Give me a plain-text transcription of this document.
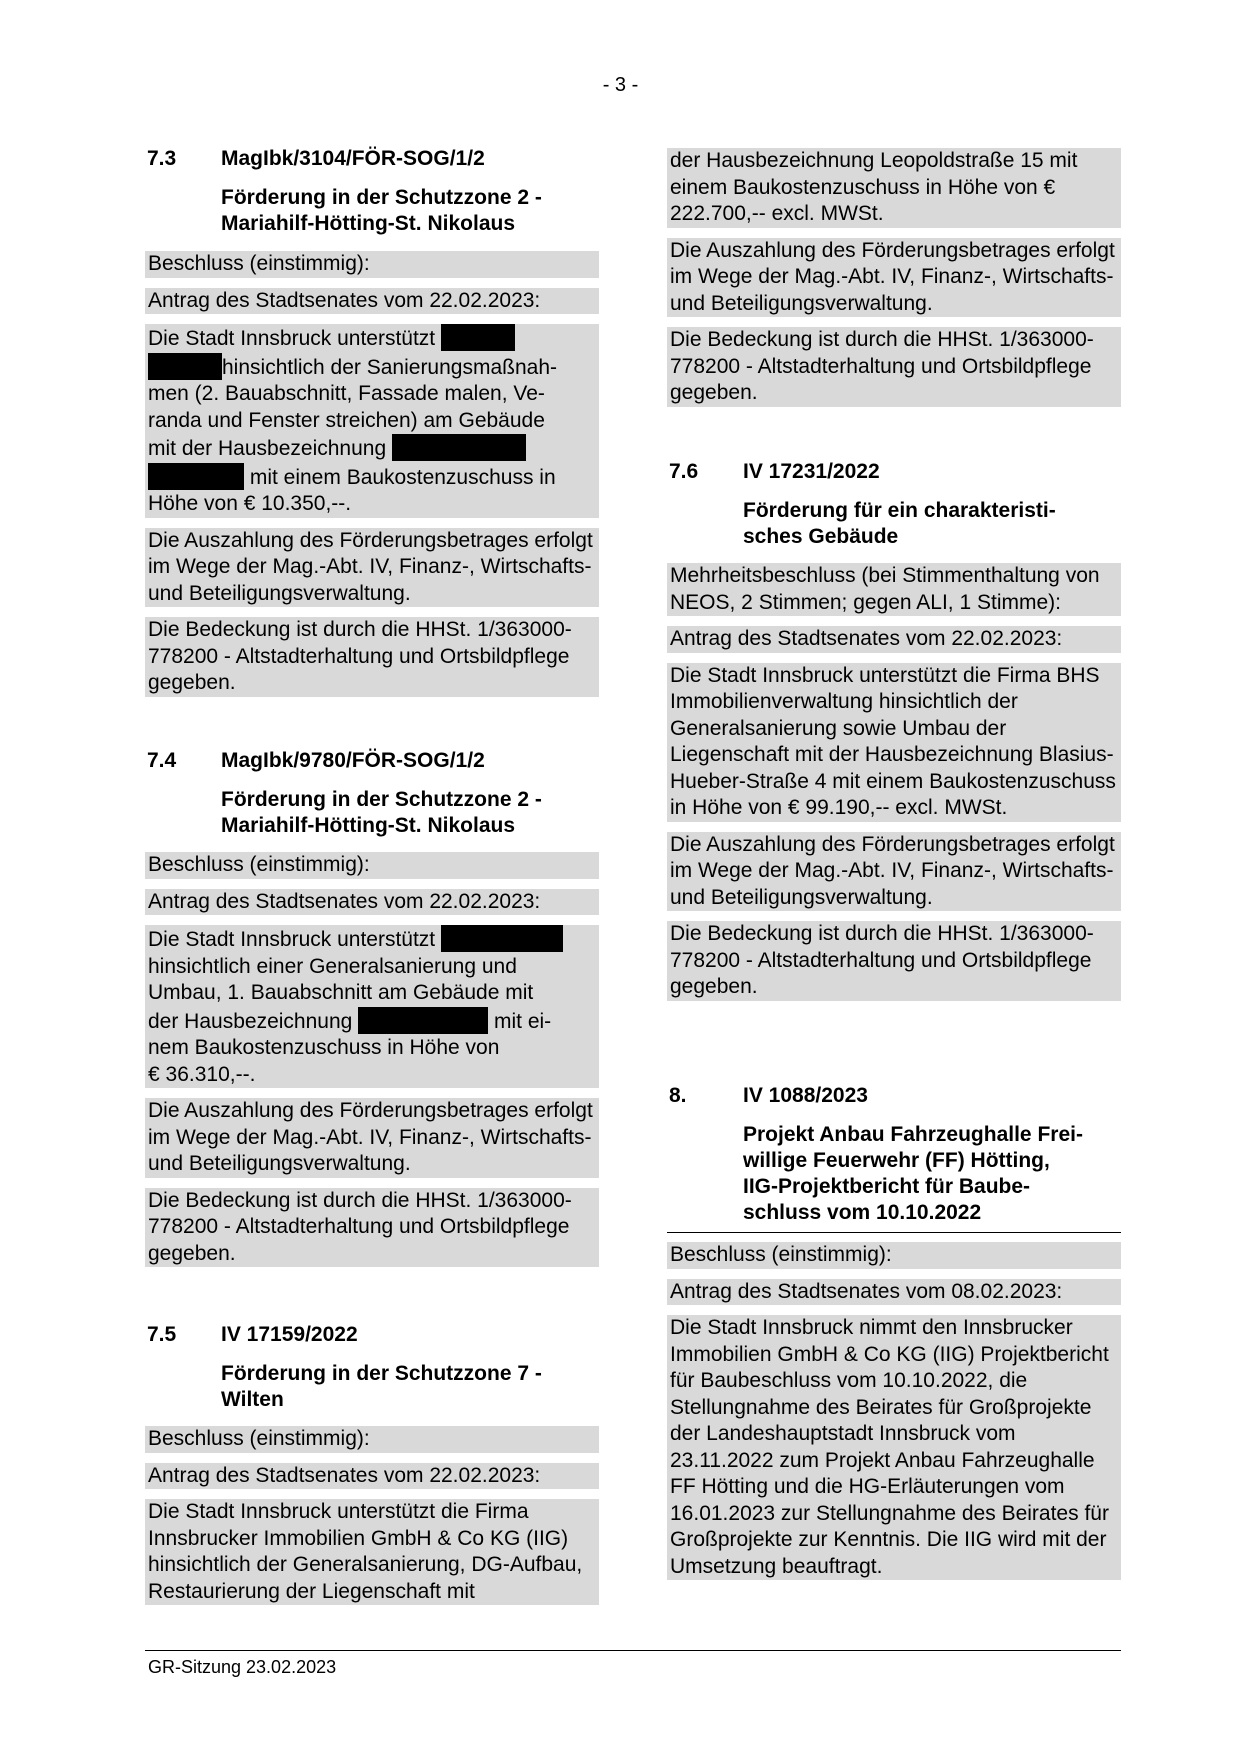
- 3 -
7.3 MagIbk/3104/FÖR-SOG/1/2
Förderung in der Schutzzone 2 -
Mariahilf-Hötting-St. Nikolaus
Beschluss (einstimmig):
Antrag des Stadtsenates vom 22.02.2023:
Die Stadt Innsbruck unterstützt
hinsichtlich der Sanierungsmaßnah-
men (2. Bauabschnitt, Fassade malen, Ve-
randa und Fenster streichen) am Gebäude
mit der Hausbezeichnung
mit einem Baukostenzuschuss in
Höhe von € 10.350,--.
Die Auszahlung des Förderungsbetrages erfolgt im Wege der Mag.-Abt. IV, Finanz-, Wirtschafts- und Beteiligungsverwaltung.
Die Bedeckung ist durch die HHSt. 1/363000-778200 - Altstadterhaltung und Ortsbildpflege gegeben.
7.4 MagIbk/9780/FÖR-SOG/1/2
Förderung in der Schutzzone 2 -
Mariahilf-Hötting-St. Nikolaus
Beschluss (einstimmig):
Antrag des Stadtsenates vom 22.02.2023:
Die Stadt Innsbruck unterstützt
hinsichtlich einer Generalsanierung und
Umbau, 1. Bauabschnitt am Gebäude mit
der Hausbezeichnung	mit ei-
nem Baukostenzuschuss in Höhe von
€ 36.310,--.
Die Auszahlung des Förderungsbetrages erfolgt im Wege der Mag.-Abt. IV, Finanz-, Wirtschafts- und Beteiligungsverwaltung.
Die Bedeckung ist durch die HHSt. 1/363000-778200 - Altstadterhaltung und Ortsbildpflege gegeben.
7.5 IV 17159/2022
Förderung in der Schutzzone 7 -
Wilten
Beschluss (einstimmig):
Antrag des Stadtsenates vom 22.02.2023:
Die Stadt Innsbruck unterstützt die Firma Innsbrucker Immobilien GmbH & Co KG (IIG) hinsichtlich der Generalsanierung, DG-Aufbau, Restaurierung der Liegenschaft mit
der Hausbezeichnung Leopoldstraße 15 mit einem Baukostenzuschuss in Höhe von € 222.700,-- excl. MWSt.
Die Auszahlung des Förderungsbetrages erfolgt im Wege der Mag.-Abt. IV, Finanz-, Wirtschafts- und Beteiligungsverwaltung.
Die Bedeckung ist durch die HHSt. 1/363000-778200 - Altstadterhaltung und Ortsbildpflege gegeben.
7.6 IV 17231/2022
Förderung für ein charakteristi-
sches Gebäude
Mehrheitsbeschluss (bei Stimmenthaltung von NEOS, 2 Stimmen; gegen ALI, 1 Stimme):
Antrag des Stadtsenates vom 22.02.2023:
Die Stadt Innsbruck unterstützt die Firma BHS Immobilienverwaltung hinsichtlich der Generalsanierung sowie Umbau der Liegenschaft mit der Hausbezeichnung Blasius-Hueber-Straße 4 mit einem Baukostenzuschuss in Höhe von € 99.190,-- excl. MWSt.
Die Auszahlung des Förderungsbetrages erfolgt im Wege der Mag.-Abt. IV, Finanz-, Wirtschafts- und Beteiligungsverwaltung.
Die Bedeckung ist durch die HHSt. 1/363000-778200 - Altstadterhaltung und Ortsbildpflege gegeben.
8.	IV 1088/2023
Projekt Anbau Fahrzeughalle Frei-
willige Feuerwehr (FF) Hötting,
IIG-Projektbericht für Baube-
schluss vom 10.10.2022
Beschluss (einstimmig):
Antrag des Stadtsenates vom 08.02.2023:
Die Stadt Innsbruck nimmt den Innsbrucker Immobilien GmbH & Co KG (IIG) Projektbericht für Baubeschluss vom 10.10.2022, die Stellungnahme des Beirates für Großprojekte der Landeshauptstadt Innsbruck vom 23.11.2022 zum Projekt Anbau Fahrzeughalle FF Hötting und die HG-Erläuterungen vom 16.01.2023 zur Stellungnahme des Beirates für Großprojekte zur Kenntnis. Die IIG wird mit der Umsetzung beauftragt.
GR-Sitzung 23.02.2023
